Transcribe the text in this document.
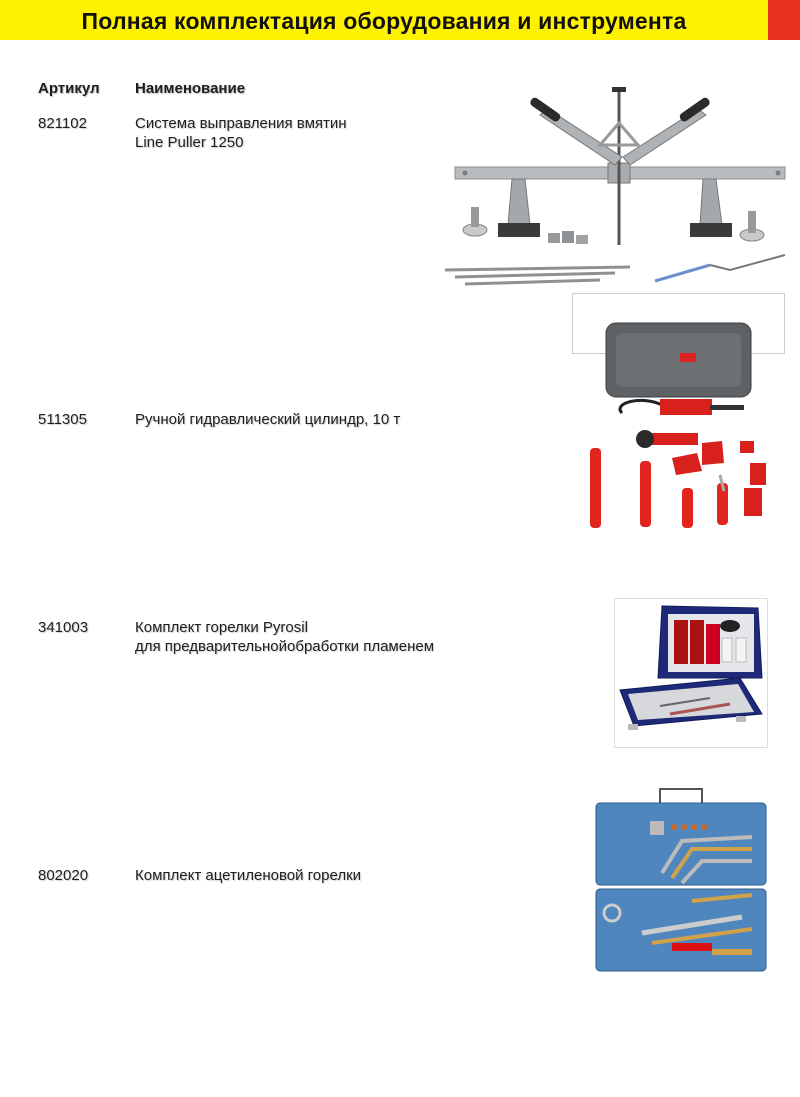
Полная комплектация оборудования и инструмента
Артикул Наименование
821102	Система выправления вмятин
Line Puller 1250
511305	Ручной гидравлический цилиндр, 10 т
341003	Комплект горелки Pyrosil
для предварительнойобработки пламенем
802020	Комплект ацетиленовой горелки
